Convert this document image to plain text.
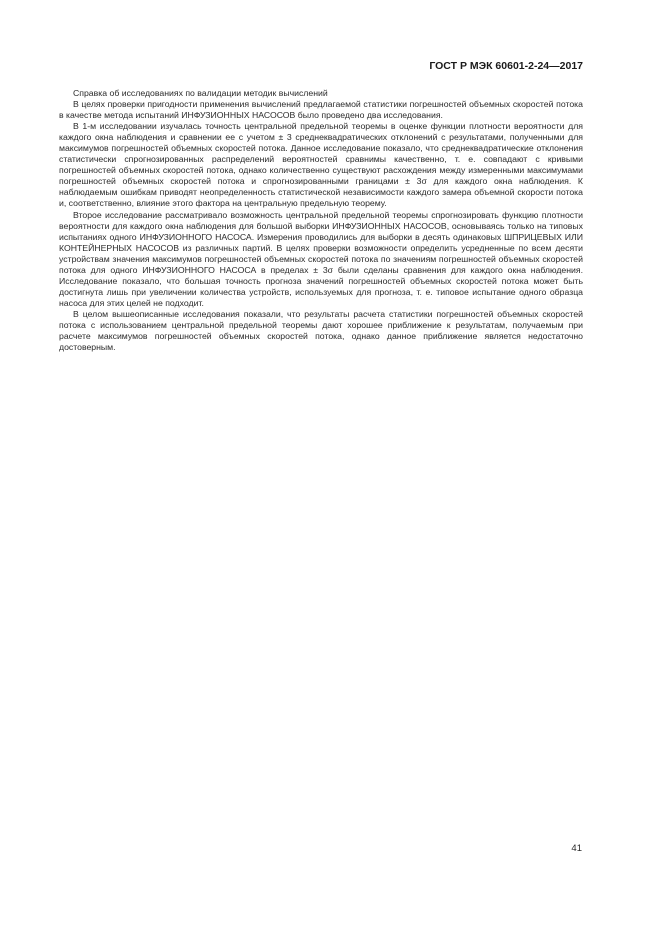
ГОСТ Р МЭК 60601-2-24—2017

Справка об исследованиях по валидации методик вычислений

В целях проверки пригодности применения вычислений предлагаемой статистики погрешностей объемных скоростей потока в качестве метода испытаний ИНФУЗИОННЫХ НАСОСОВ было проведено два исследования.

В 1-м исследовании изучалась точность центральной предельной теоремы в оценке функции плотности вероятности для каждого окна наблюдения и сравнении ее с учетом ± 3 среднеквадратических отклонений с результатами, полученными для максимумов погрешностей объемных скоростей потока. Данное исследование показало, что среднеквадратические отклонения статистически спрогнозированных распределений вероятностей сравнимы качественно, т. е. совпадают с кривыми погрешностей объемных скоростей потока, однако количественно существуют расхождения между измеренными максимумами погрешностей объемных скоростей потока и спрогнозированными границами ± 3σ для каждого окна наблюдения. К наблюдаемым ошибкам приводят неопределенность статистической независимости каждого замера объемной скорости потока и, соответственно, влияние этого фактора на центральную предельную теорему.

Второе исследование рассматривало возможность центральной предельной теоремы спрогнозировать функцию плотности вероятности для каждого окна наблюдения для большой выборки ИНФУЗИОННЫХ НАСОСОВ, основываясь только на типовых испытаниях одного ИНФУЗИОННОГО НАСОСА. Измерения проводились для выборки в десять одинаковых ШПРИЦЕВЫХ ИЛИ КОНТЕЙНЕРНЫХ НАСОСОВ из различных партий. В целях проверки возможности определить усредненные по всем десяти устройствам значения максимумов погрешностей объемных скоростей потока по значениям погрешностей объемных скоростей потока для одного ИНФУЗИОННОГО НАСОСА в пределах ± 3σ были сделаны сравнения для каждого окна наблюдения. Исследование показало, что большая точность прогноза значений погрешностей объемных скоростей потока может быть достигнута лишь при увеличении количества устройств, используемых для прогноза, т. е. типовое испытание одного образца насоса для этих целей не подходит.

В целом вышеописанные исследования показали, что результаты расчета статистики погрешностей объемных скоростей потока с использованием центральной предельной теоремы дают хорошее приближение к результатам, получаемым при расчете максимумов погрешностей объемных скоростей потока, однако данное приближение является недостаточно достоверным.

41
